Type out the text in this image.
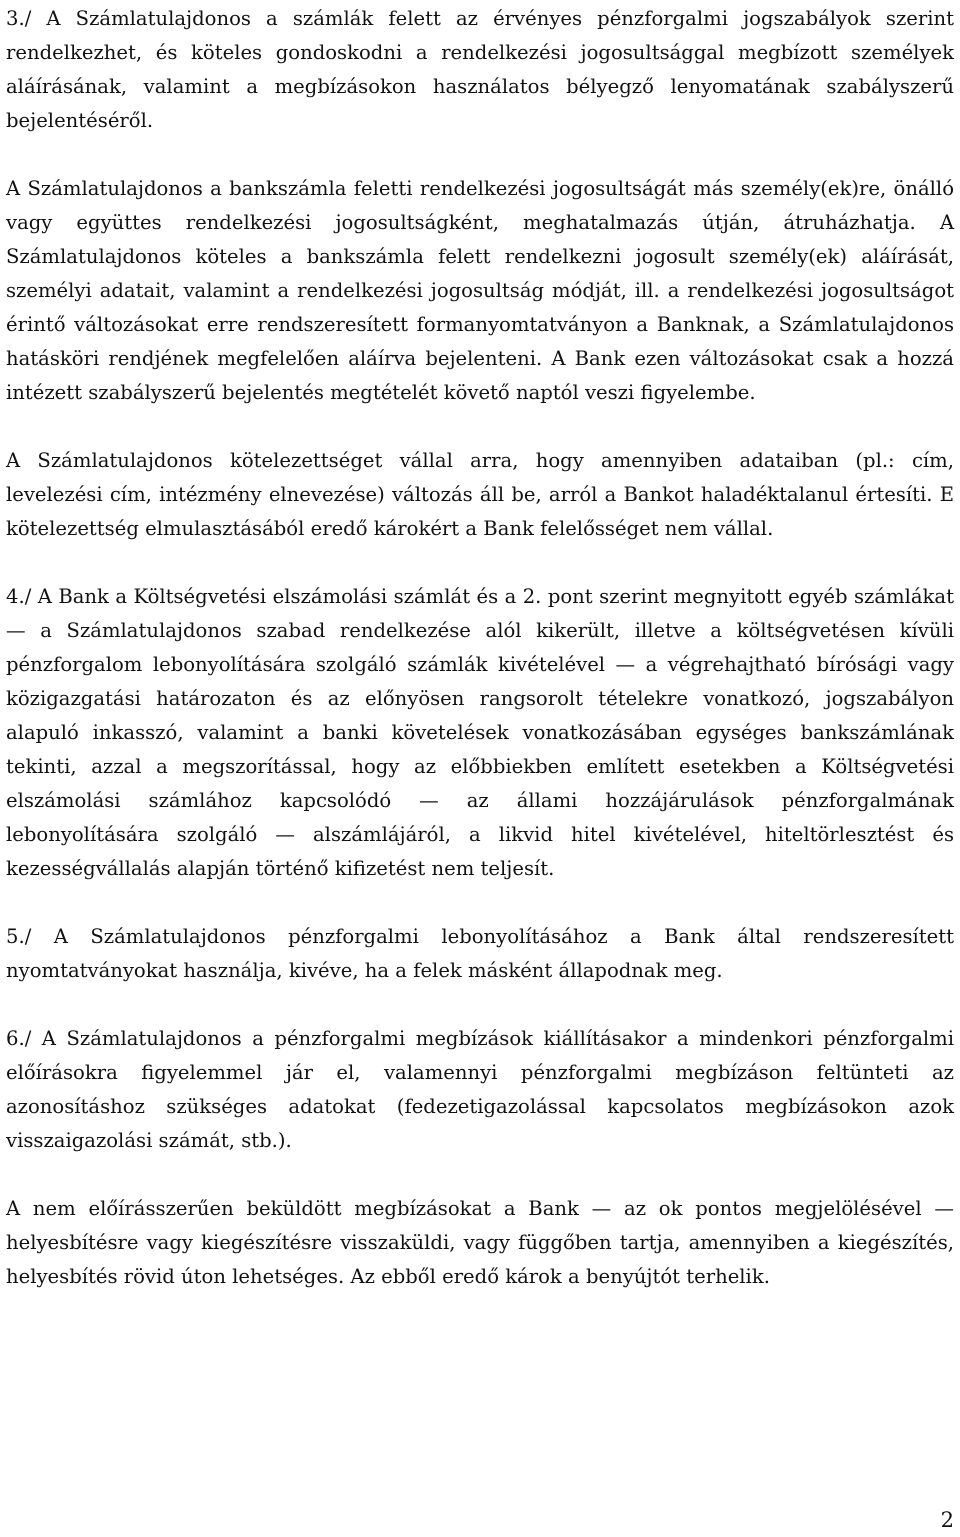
3./ A Számlatulajdonos a számlák felett az érvényes pénzforgalmi jogszabályok szerint rendelkezhet, és köteles gondoskodni a rendelkezési jogosultsággal megbízott személyek aláírásának, valamint a megbízásokon használatos bélyegző lenyomatának szabályszerű bejelentéséről.

A Számlatulajdonos a bankszámla feletti rendelkezési jogosultságát más személy(ek)re, önálló vagy együttes rendelkezési jogosultságként, meghatalmazás útján, átruházhatja. A Számlatulajdonos köteles a bankszámla felett rendelkezni jogosult személy(ek) aláírását, személyi adatait, valamint a rendelkezési jogosultság módját, ill. a rendelkezési jogosultságot érintő változásokat erre rendszeresített formanyomtatványon a Banknak, a Számlatulajdonos hatásköri rendjének megfelelően aláírva bejelenteni. A Bank ezen változásokat csak a hozzá intézett szabályszerű bejelentés megtételét követő naptól veszi figyelembe.

A Számlatulajdonos kötelezettséget vállal arra, hogy amennyiben adataiban (pl.: cím, levelezési cím, intézmény elnevezése) változás áll be, arról a Bankot haladéktalanul értesíti. E kötelezettség elmulasztásából eredő károkért a Bank felelősséget nem vállal.

4./ A Bank a Költségvetési elszámolási számlát és a 2. pont szerint megnyitott egyéb számlákat — a Számlatulajdonos szabad rendelkezése alól kikerült, illetve a költségvetésen kívüli pénzforgalom lebonyolítására szolgáló számlák kivételével — a végrehajtható bírósági vagy közigazgatási határozaton és az előnyösen rangsorolt tételekre vonatkozó, jogszabályon alapuló inkasszó, valamint a banki követelések vonatkozásában egységes bankszámlának tekinti, azzal a megszorítással, hogy az előbbiekben említett esetekben a Költségvetési elszámolási számlához kapcsolódó — az állami hozzájárulások pénzforgalmának lebonyolítására szolgáló — alszámlájáról, a likvid hitel kivételével, hiteltörlesztést és kezességvállalás alapján történő kifizetést nem teljesít.

5./ A Számlatulajdonos pénzforgalmi lebonyolításához a Bank által rendszeresített nyomtatványokat használja, kivéve, ha a felek másként állapodnak meg.

6./ A Számlatulajdonos a pénzforgalmi megbízások kiállításakor a mindenkori pénzforgalmi előírásokra figyelemmel jár el, valamennyi pénzforgalmi megbízáson feltünteti az azonosításhoz szükséges adatokat (fedezetigazolással kapcsolatos megbízásokon azok visszaigazolási számát, stb.).

A nem előírásszerűen beküldött megbízásokat a Bank — az ok pontos megjelölésével — helyesbítésre vagy kiegészítésre visszaküldi, vagy függőben tartja, amennyiben a kiegészítés, helyesbítés rövid úton lehetséges. Az ebből eredő károk a benyújtót terhelik.

2
